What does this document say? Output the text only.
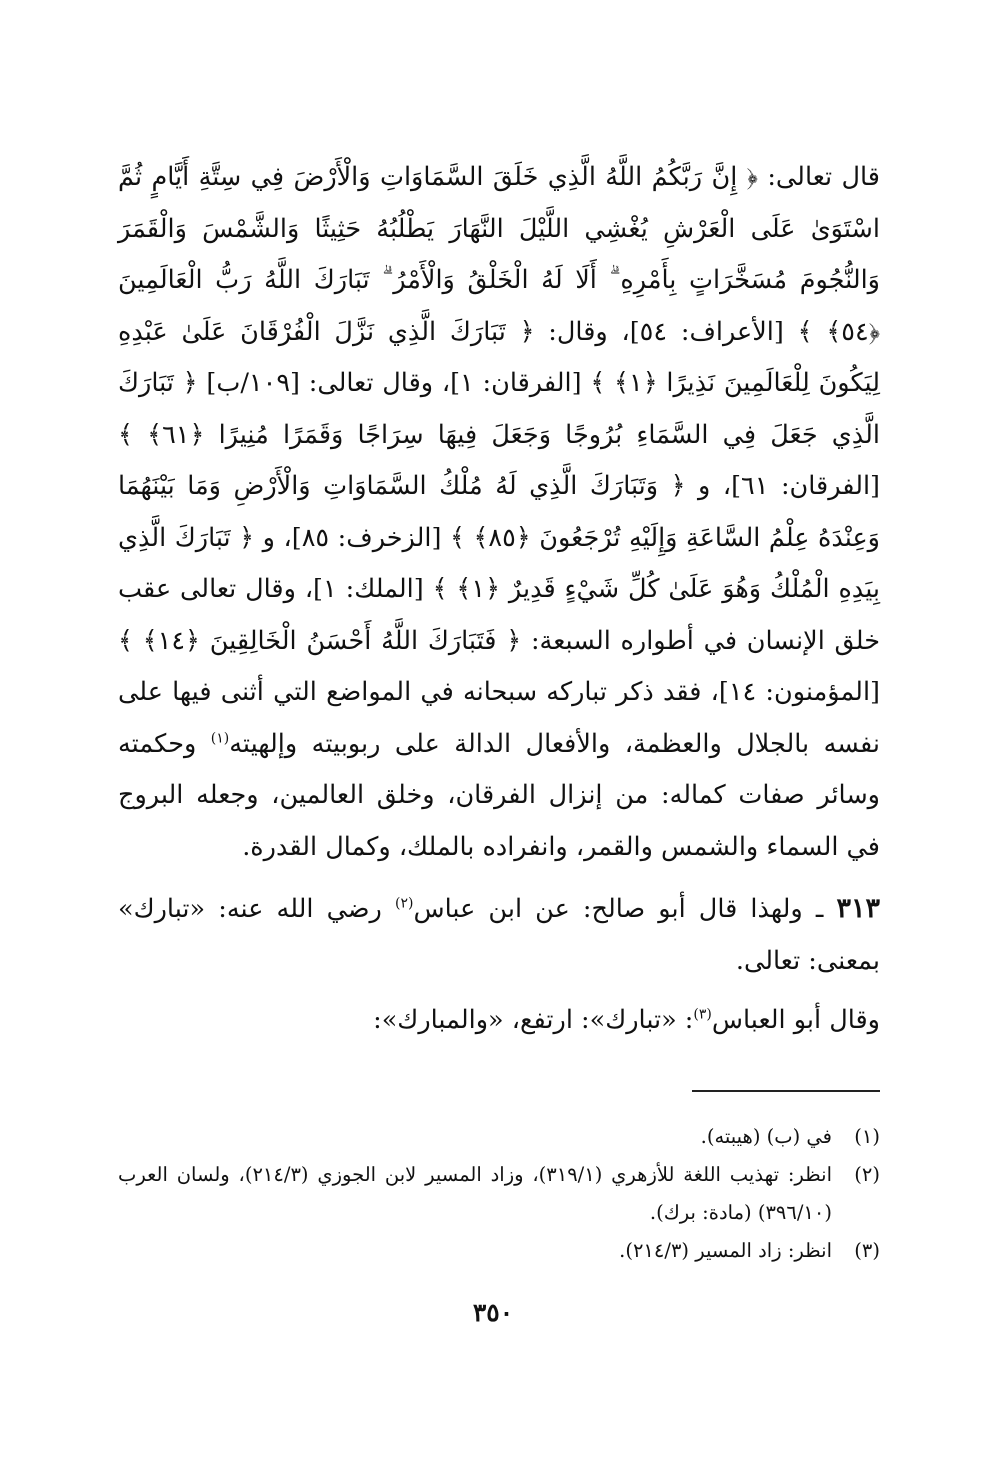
قال تعالى: ﴿ إِنَّ رَبَّكُمُ اللَّهُ الَّذِي خَلَقَ السَّمَاوَاتِ وَالْأَرْضَ فِي سِتَّةِ أَيَّامٍ ثُمَّ اسْتَوَىٰ عَلَى الْعَرْشِ يُغْشِي اللَّيْلَ النَّهَارَ يَطْلُبُهُ حَثِيثًا وَالشَّمْسَ وَالْقَمَرَ وَالنُّجُومَ مُسَخَّرَاتٍ بِأَمْرِهِ ۗ أَلَا لَهُ الْخَلْقُ وَالْأَمْرُ ۗ تَبَارَكَ اللَّهُ رَبُّ الْعَالَمِينَ ﴿٥٤﴾ ﴾ [الأعراف: ٥٤]، وقال: ﴿ تَبَارَكَ الَّذِي نَزَّلَ الْفُرْقَانَ عَلَىٰ عَبْدِهِ لِيَكُونَ لِلْعَالَمِينَ نَذِيرًا ﴿١﴾ ﴾ [الفرقان: ١]، وقال تعالى: [١٠٩/ب] ﴿ تَبَارَكَ الَّذِي جَعَلَ فِي السَّمَاءِ بُرُوجًا وَجَعَلَ فِيهَا سِرَاجًا وَقَمَرًا مُنِيرًا ﴿٦١﴾ ﴾ [الفرقان: ٦١]، و ﴿ وَتَبَارَكَ الَّذِي لَهُ مُلْكُ السَّمَاوَاتِ وَالْأَرْضِ وَمَا بَيْنَهُمَا وَعِنْدَهُ عِلْمُ السَّاعَةِ وَإِلَيْهِ تُرْجَعُونَ ﴿٨٥﴾ ﴾ [الزخرف: ٨٥]، و ﴿ تَبَارَكَ الَّذِي بِيَدِهِ الْمُلْكُ وَهُوَ عَلَىٰ كُلِّ شَيْءٍ قَدِيرٌ ﴿١﴾ ﴾ [الملك: ١]، وقال تعالى عقب خلق الإنسان في أطواره السبعة: ﴿ فَتَبَارَكَ اللَّهُ أَحْسَنُ الْخَالِقِينَ ﴿١٤﴾ ﴾ [المؤمنون: ١٤]، فقد ذكر تباركه سبحانه في المواضع التي أثنى فيها على نفسه بالجلال والعظمة، والأفعال الدالة على ربوبيته وإلهيته$^{(١)}$ وحكمته وسائر صفات كماله: من إنزال الفرقان، وخلق العالمين، وجعله البروج في السماء والشمس والقمر، وانفراده بالملك، وكمال القدرة.

٣١٣ ـ ولهذا قال أبو صالح: عن ابن عباس$^{(٢)}$ رضي الله عنه: «تبارك» بمعنى: تعالى.

وقال أبو العباس$^{(٣)}$: «تبارك»: ارتفع، «والمبارك»:

(١)
في (ب) (هيبته).
(٢)
انظر: تهذيب اللغة للأزهري (٣١٩/١)، وزاد المسير لابن الجوزي (٢١٤/٣)، ولسان العرب (٣٩٦/١٠) (مادة: برك).
(٣)
انظر: زاد المسير (٢١٤/٣).
٣٥٠
